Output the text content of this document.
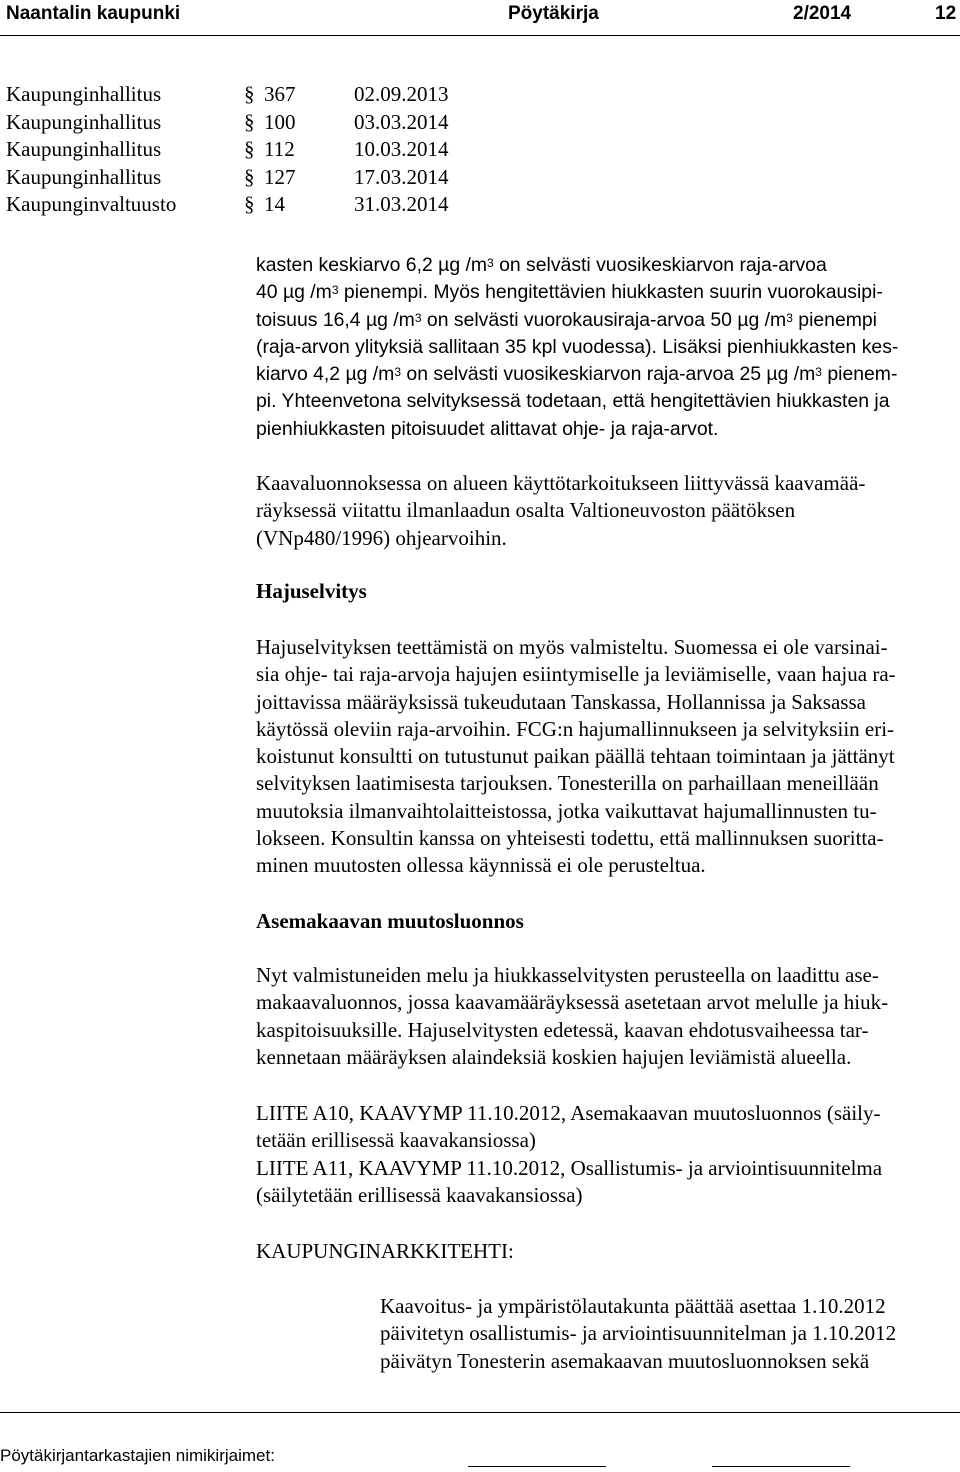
Naantalin kaupunki	Pöytäkirja	2/2014	12
Kaupunginhallitus	§ 367	02.09.2013
Kaupunginhallitus	§ 100	03.03.2014
Kaupunginhallitus	§ 112	10.03.2014
Kaupunginhallitus	§ 127	17.03.2014
Kaupunginvaltuusto	§ 14	31.03.2014
kasten keskiarvo 6,2 µg $/m^3$ on selvästi vuosikeskiarvon raja-arvoa
40 µg $/m^3$ pienempi. Myös hengitettävien hiukkasten suurin vuorokausipi-
toisuus 16,4 µg $/m^3$ on selvästi vuorokausiraja-arvoa 50 µg $/m^3$ pienempi
(raja-arvon ylityksiä sallitaan 35 kpl vuodessa). Lisäksi pienhiukkasten kes-
kiarvo 4,2 µg $/m^3$ on selvästi vuosikeskiarvon raja-arvoa 25 µg $/m^3$ pienem-
pi. Yhteenvetona selvityksessä todetaan, että hengitettävien hiukkasten ja
pienhiukkasten pitoisuudet alittavat ohje- ja raja-arvot.
Kaavaluonnoksessa on alueen käyttötarkoitukseen liittyvässä kaavamää-
räyksessä viitattu ilmanlaadun osalta Valtioneuvoston päätöksen
(VNp480/1996) ohjearvoihin.
Hajuselvitys
Hajuselvityksen teettämistä on myös valmisteltu. Suomessa ei ole varsinai-
sia ohje- tai raja-arvoja hajujen esiintymiselle ja leviämiselle, vaan hajua ra-
joittavissa määräyksissä tukeudutaan Tanskassa, Hollannissa ja Saksassa
käytössä oleviin raja-arvoihin. FCG:n hajumallinnukseen ja selvityksiin eri-
koistunut konsultti on tutustunut paikan päällä tehtaan toimintaan ja jättänyt
selvityksen laatimisesta tarjouksen. Tonesterilla on parhaillaan meneillään
muutoksia ilmanvaihtolaitteistossa, jotka vaikuttavat hajumallinnusten tu-
lokseen. Konsultin kanssa on yhteisesti todettu, että mallinnuksen suoritta-
minen muutosten ollessa käynnissä ei ole perusteltua.
Asemakaavan muutosluonnos
Nyt valmistuneiden melu ja hiukkasselvitysten perusteella on laadittu ase-
makaavaluonnos, jossa kaavamääräyksessä asetetaan arvot melulle ja hiuk-
kaspitoisuuksille. Hajuselvitysten edetessä, kaavan ehdotusvaiheessa tar-
kennetaan määräyksen alaindeksiä koskien hajujen leviämistä alueella.
LIITE A10, KAAVYMP 11.10.2012, Asemakaavan muutosluonnos (säily-
tetään erillisessä kaavakansiossa)
LIITE A11, KAAVYMP 11.10.2012, Osallistumis- ja arviointisuunnitelma
(säilytetään erillisessä kaavakansiossa)
KAUPUNGINARKKITEHTI:
Kaavoitus- ja ympäristölautakunta päättää asettaa 1.10.2012
päivitetyn osallistumis- ja arviointisuunnitelman ja 1.10.2012
päivätyn Tonesterin asemakaavan muutosluonnoksen sekä
Pöytäkirjantarkastajien nimikirjaimet:
